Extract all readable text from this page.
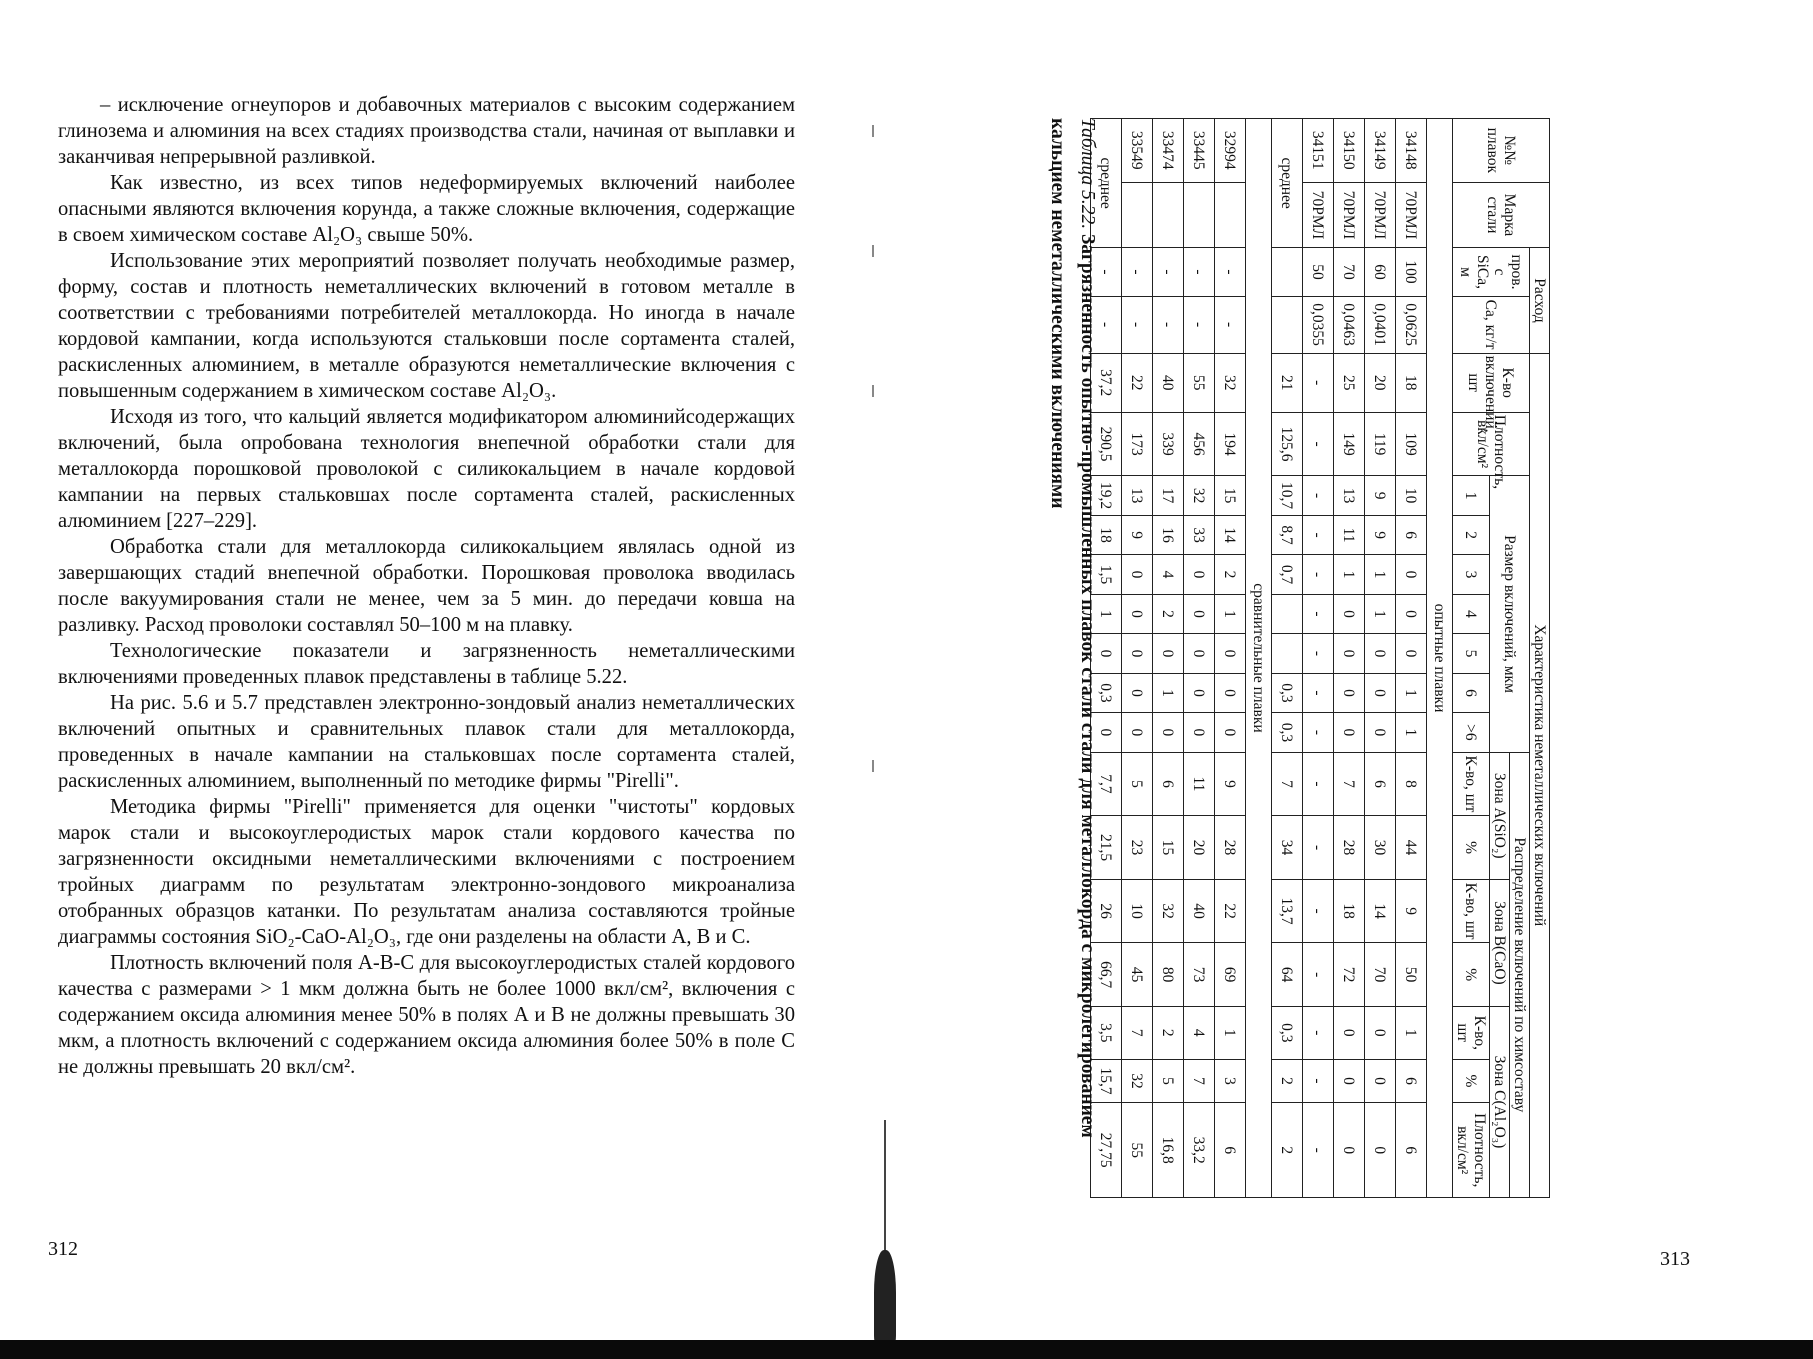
– исключение огнеупоров и добавочных материалов с высоким содержанием глинозема и алюминия на всех стадиях производства стали, начиная от выплавки и заканчивая непрерывной разливкой.

Как известно, из всех типов недеформируемых включений наиболее опасными являются включения корунда, а также сложные включения, содержащие в своем химическом составе Al₂O₃ свыше 50%.

Использование этих мероприятий позволяет получать необходимые размер, форму, состав и плотность неметаллических включений в готовом металле в соответствии с требованиями потребителей металлокорда. Но иногда в начале кордовой кампании, когда используются стальковши после сортамента сталей, раскисленных алюминием, в металле образуются неметаллические включения с повышенным содержанием в химическом составе Al₂O₃.

Исходя из того, что кальций является модификатором алюминийсодержащих включений, была опробована технология внепечной обработки стали для металлокорда порошковой проволокой с силикокальцием в начале кордовой кампании на первых стальковшах после сортамента сталей, раскисленных алюминием [227–229].

Обработка стали для металлокорда силикокальцием являлась одной из завершающих стадий внепечной обработки. Порошковая проволока вводилась после вакуумирования стали не менее, чем за 5 мин. до передачи ковша на разливку. Расход проволоки составлял 50–100 м на плавку.

Технологические показатели и загрязненность неметаллическими включениями проведенных плавок представлены в таблице 5.22.

На рис. 5.6 и 5.7 представлен электронно-зондовый анализ неметаллических включений опытных и сравнительных плавок стали для металлокорда, проведенных в начале кампании на стальковшах после сортамента сталей, раскисленных алюминием, выполненный по методике фирмы "Pirelli".

Методика фирмы "Pirelli" применяется для оценки "чистоты" кордовых марок стали и высокоуглеродистых марок стали кордового качества по загрязненности оксидными неметаллическими включениями с построением тройных диаграмм по результатам электронно-зондового микроанализа отобранных образцов катанки. По результатам анализа составляются тройные диаграммы состояния SiO₂-CaO-Al₂O₃, где они разделены на области А, В и С.

Плотность включений поля А-В-С для высокоуглеродистых сталей кордового качества с размерами > 1 мкм должна быть не более 1000 вкл/см², включения с содержанием оксида алюминия менее 50% в полях А и В не должны превышать 30 мкм, а плотность включений с содержанием оксида алюминия более 50% в поле С не должны превышать 20 вкл/см².

312	313
№№ плавок	Марка стали	Расход		Характеристика неметаллических включений															
		пров. с SiCa, м	Ca, кг/т	К-во включений, шт	Плотность, вкл/см²	Размер включений, мкм							Распределение включений по химсоставу						
													Зона A(SiO₂)		Зона B(CaO)		Зона C(Al₂O₃)		
						1	2	3	4	5	6	>6	К-во, шт	%	К-во, шт	%	К-во, шт	%	Плотность, вкл/см²
опытные плавки																			
34148	70РМЛ	100	0,0625	18	109	10	6	0	0	0	1	1	8	44	9	50	1	6	6
34149	70РМЛ	60	0,0401	20	119	9	9	1	1	0	0	0	6	30	14	70	0	0	0
34150	70РМЛ	70	0,0463	25	149	13	11	1	0	0	0	0	7	28	18	72	0	0	0
34151	70РМЛ	50	0,0355	-	-	-	-	-	-	-	-	-	-	-	-	-	-	-	-
среднее				21	125,6	10,7	8,7	0,7			0,3	0,3	7	34	13,7	64	0,3	2	2
сравнительные плавки																			
32994		-	-	32	194	15	14	2	1	0	0	0	9	28	22	69	1	3	6
33445		-	-	55	456	32	33	0	0	0	0	0	11	20	40	73	4	7	33,2
33474		-	-	40	339	17	16	4	2	0	1	0	6	15	32	80	2	5	16,8
33549		-	-	22	173	13	9	0	0	0	0	0	5	23	10	45	7	32	55
среднее		-	-	37,2	290,5	19,2	18	1,5	1	0	0,3	0	7,7	21,5	26	66,7	3,5	15,7	27,75
Таблица 5.22. Загрязненность опытно-промышленных плавок стали стали для металлокорда с микролегированием кальцием неметаллическими включениями
